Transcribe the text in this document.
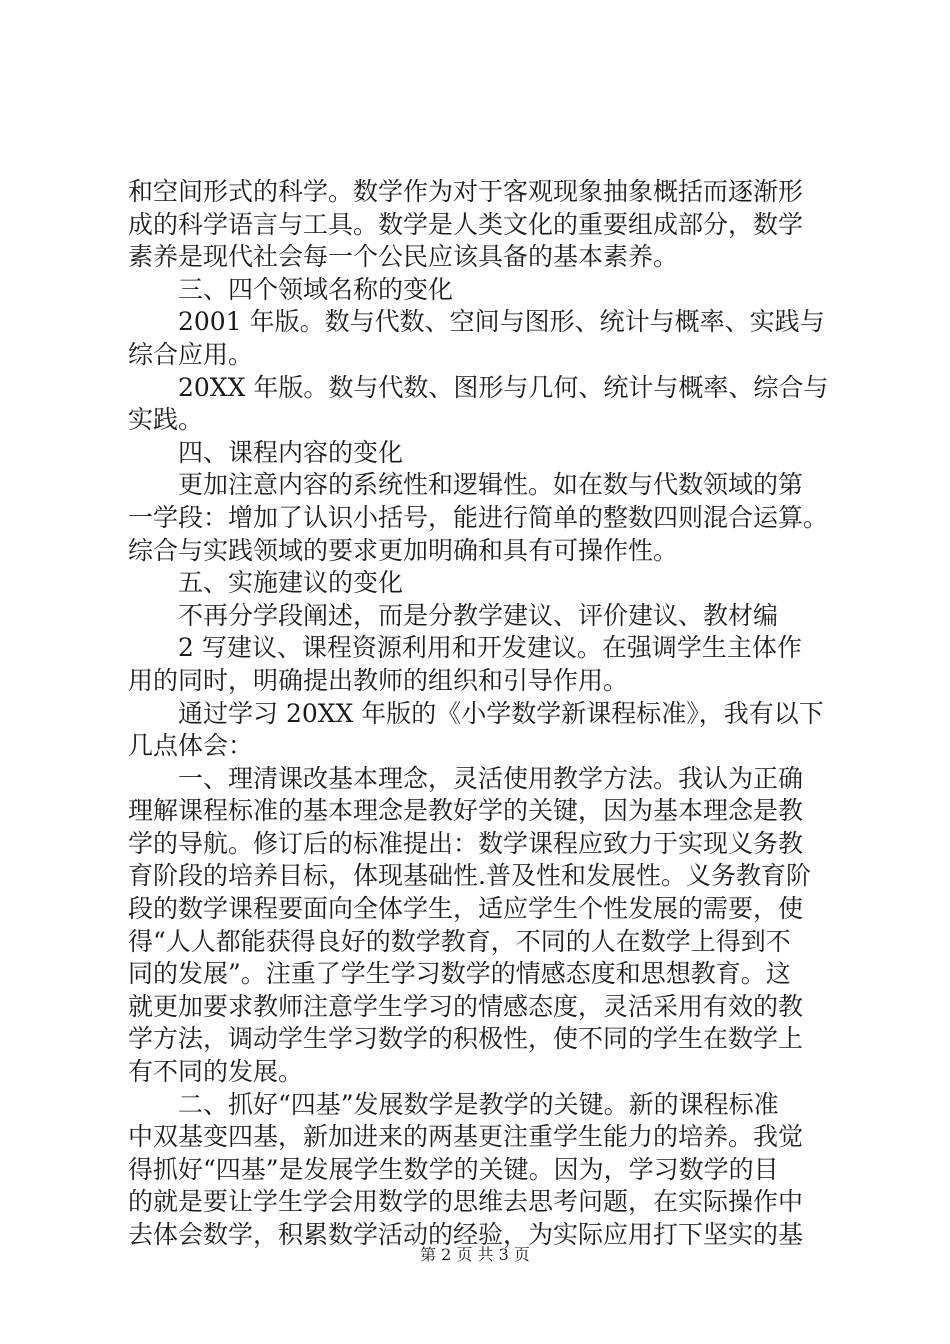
和空间形式的科学。数学作为对于客观现象抽象概括而逐渐形
成的科学语言与工具。数学是人类文化的重要组成部分，数学
素养是现代社会每一个公民应该具备的基本素养。
三、四个领域名称的变化
2001 年版。数与代数、空间与图形、统计与概率、实践与
综合应用。
20XX 年版。数与代数、图形与几何、统计与概率、综合与
实践。
四、课程内容的变化
更加注意内容的系统性和逻辑性。如在数与代数领域的第
一学段：增加了认识小括号，能进行简单的整数四则混合运算。
综合与实践领域的要求更加明确和具有可操作性。
五、实施建议的变化
不再分学段阐述，而是分教学建议、评价建议、教材编
2 写建议、课程资源利用和开发建议。在强调学生主体作
用的同时，明确提出教师的组织和引导作用。
通过学习 20XX 年版的《小学数学新课程标准》，我有以下
几点体会：
一、理清课改基本理念，灵活使用教学方法。我认为正确
理解课程标准的基本理念是教好学的关键，因为基本理念是教
学的导航。修订后的标准提出：数学课程应致力于实现义务教
育阶段的培养目标，体现基础性.普及性和发展性。义务教育阶
段的数学课程要面向全体学生，适应学生个性发展的需要，使
得“人人都能获得良好的数学教育，不同的人在数学上得到不
同的发展”。注重了学生学习数学的情感态度和思想教育。这
就更加要求教师注意学生学习的情感态度，灵活采用有效的教
学方法，调动学生学习数学的积极性，使不同的学生在数学上
有不同的发展。
二、抓好“四基”发展数学是教学的关键。新的课程标准
中双基变四基，新加进来的两基更注重学生能力的培养。我觉
得抓好“四基”是发展学生数学的关键。因为，学习数学的目
的就是要让学生学会用数学的思维去思考问题，在实际操作中
去体会数学，积累数学活动的经验，为实际应用打下坚实的基
第 2 页 共 3 页
